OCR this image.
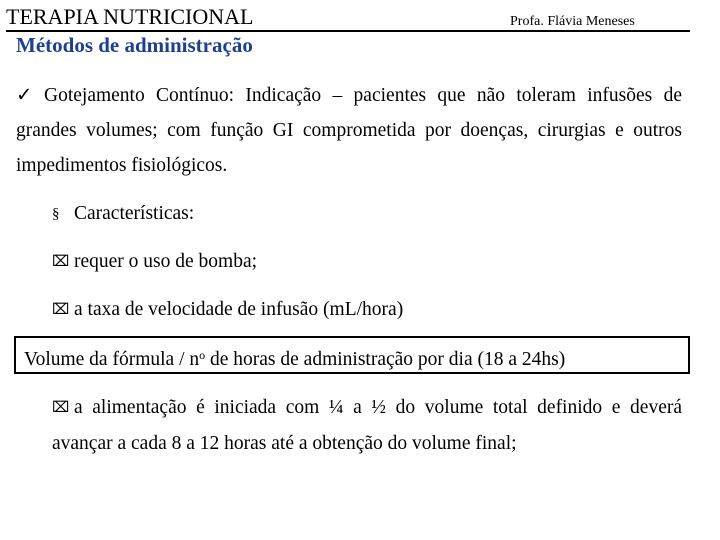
TERAPIA NUTRICIONAL
Métodos de administração
Profa. Flávia Meneses
✓ Gotejamento Contínuo: Indicação – pacientes que não toleram infusões de grandes volumes; com função GI comprometida por doenças, cirurgias e outros impedimentos fisiológicos.
§ Características:
⌧ requer o uso de bomba;
⌧ a taxa de velocidade de infusão (mL/hora)
Volume da fórmula / $n^o$ de horas de administração por dia (18 a 24hs)
⌧ a alimentação é iniciada com ¼ a ½ do volume total definido e deverá avançar a cada 8 a 12 horas até a obtenção do volume final;
